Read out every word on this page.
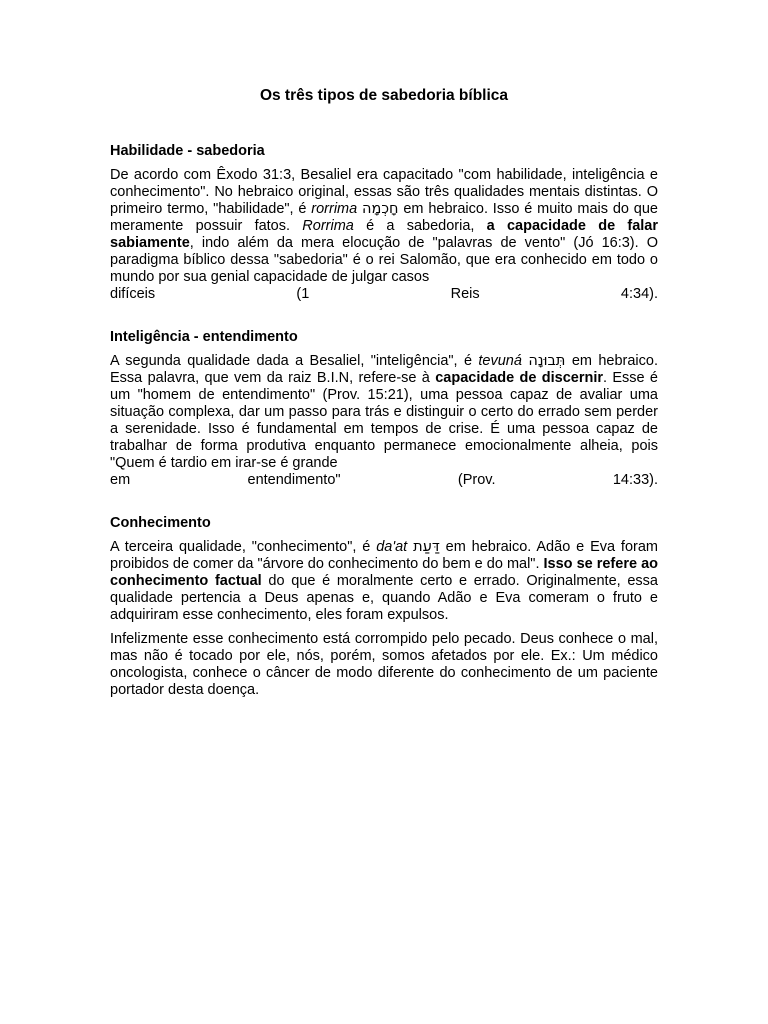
Os três tipos de sabedoria bíblica

Habilidade - sabedoria

De acordo com Êxodo 31:3, Besaliel era capacitado "com habilidade, inteligência e conhecimento". No hebraico original, essas são três qualidades mentais distintas. O primeiro termo, "habilidade", é rorrima חָכְמָה em hebraico. Isso é muito mais do que meramente possuir fatos. Rorrima é a sabedoria, a capacidade de falar sabiamente, indo além da mera elocução de "palavras de vento" (Jó 16:3). O paradigma bíblico dessa "sabedoria" é o rei Salomão, que era conhecido em todo o mundo por sua genial capacidade de julgar casos
difíceis (1 Reis 4:34).

Inteligência - entendimento

A segunda qualidade dada a Besaliel, "inteligência", é tevuná תְּבוּנָה em hebraico. Essa palavra, que vem da raiz B.I.N, refere-se à capacidade de discernir. Esse é um "homem de entendimento" (Prov. 15:21), uma pessoa capaz de avaliar uma situação complexa, dar um passo para trás e distinguir o certo do errado sem perder a serenidade. Isso é fundamental em tempos de crise. É uma pessoa capaz de trabalhar de forma produtiva enquanto permanece emocionalmente alheia, pois "Quem é tardio em irar-se é grande
em entendimento" (Prov. 14:33).

Conhecimento

A terceira qualidade, "conhecimento", é da'at דַּעַת em hebraico. Adão e Eva foram proibidos de comer da "árvore do conhecimento do bem e do mal". Isso se refere ao conhecimento factual do que é moralmente certo e errado. Originalmente, essa qualidade pertencia a Deus apenas e, quando Adão e Eva comeram o fruto e adquiriram esse conhecimento, eles foram expulsos.

Infelizmente esse conhecimento está corrompido pelo pecado. Deus conhece o mal, mas não é tocado por ele, nós, porém, somos afetados por ele. Ex.: Um médico oncologista, conhece o câncer de modo diferente do conhecimento de um paciente portador desta doença.
